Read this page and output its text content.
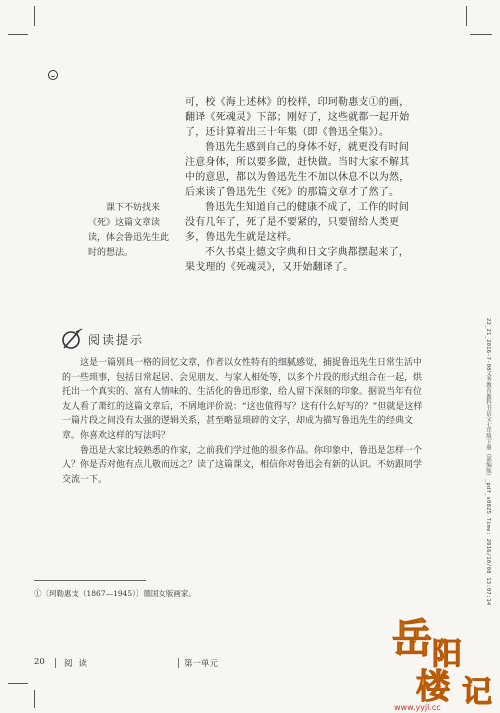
可，校《海上述林》的校样，印珂勒惠支①的画，翻译《死魂灵》下部；刚好了，这些就都一起开始了，还计算着出三十年集（即《鲁迅全集》）。

鲁迅先生感到自己的身体不好，就更没有时间注意身体，所以要多做，赶快做。当时大家不解其中的意思，都以为鲁迅先生不加以休息不以为然，后来读了鲁迅先生《死》的那篇文章才了然了。

鲁迅先生知道自己的健康不成了，工作的时间没有几年了，死了是不要紧的，只要留给人类更多，鲁迅先生就是这样。

不久书桌上德文字典和日文字典都摆起来了，果戈理的《死魂灵》，又开始翻译了。

课下不妨找来《死》这篇文章读读，体会鲁迅先生此时的想法。

阅读提示

这是一篇别具一格的回忆文章，作者以女性特有的细腻感觉，捕捉鲁迅先生日常生活中的一些琐事，包括日常起居、会见朋友、与家人相处等，以多个片段的形式组合在一起，烘托出一个真实的、富有人情味的、生活化的鲁迅形象，给人留下深刻的印象。据说当年有位友人看了萧红的这篇文章后，不屑地评价说：“这也值得写？这有什么好写的？”但就是这样一篇片段之间没有太强的逻辑关系，甚至略显琐碎的文字，却成为描写鲁迅先生的经典文章。你喜欢这样的写法吗？

鲁迅是大家比较熟悉的作家，之前我们学过他的很多作品。你印象中，鲁迅是怎样一个人？你是否对他有点儿敬而远之？读了这篇课文，相信你对鲁迅会有新的认识。不妨跟同学交流一下。

①〔珂勒惠支（1867—1945）〕德国女版画家。
20 阅读	第一单元
22_21_2016-7-08义务教育教科书语文七年级下册（部编版）_pdf_s0025 Time: 2016/10/08 13:07:14
岳 阳
楼 记
www.yyjl.cc
